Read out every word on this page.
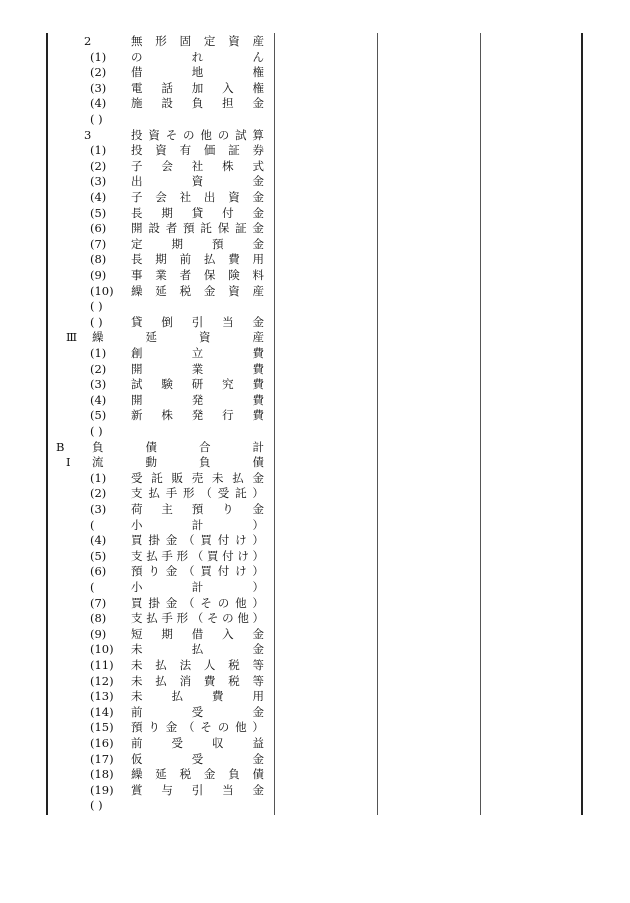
2	無 形 固 定 資 産
(1) の	れ	ん
(2) 借	地	権
(3) 電 話 加 入 権
(4) 施 設 負 担 金
( )
3	投 資 そ の 他 の 試 算
(1) 投 資 有 価 証 券
(2) 子 会 社 株 式
(3) 出	資	金
(4) 子 会 社 出 資 金
(5) 長 期 貸 付 金
(6) 開 設 者 預 託 保 証 金
(7) 定	期	預	金
(8) 長 期 前 払 費 用
(9) 事 業 者 保 険 料
(10) 繰 延 税 金 資 産
( )
( ) 貸 倒 引 当 金
Ⅲ 繰	延	資	産
(1) 創	立	費
(2) 開	業	費
(3) 試 験 研 究 費
(4) 開	発	費
(5) 新 株 発 行 費
( )
B 負	債	合	計
Ⅰ 流	動	負	債
(1) 受 託 販 売 未 払 金
(2) 支 払 手 形 （ 受 託 ）
(3) 荷 主 預 り 金
(	小	計	）
(4) 買 掛 金 （ 買 付 け ）
(5) 支 払 手 形 （ 買 付 け ）
(6) 預 り 金 （ 買 付 け ）
(	小	計	）
(7) 買 掛 金 （ そ の 他 ）
(8) 支 払 手 形 （ そ の 他 ）
(9) 短 期 借 入 金
(10) 未	払	金
(11) 未 払 法 人 税 等
(12) 未 払 消 費 税 等
(13) 未	払	費	用
(14) 前	受	金
(15) 預 り 金 （ そ の 他 ）
(16) 前	受	収	益
(17) 仮	受	金
(18) 繰 延 税 金 負 債
(19) 賞 与 引 当 金
( )
